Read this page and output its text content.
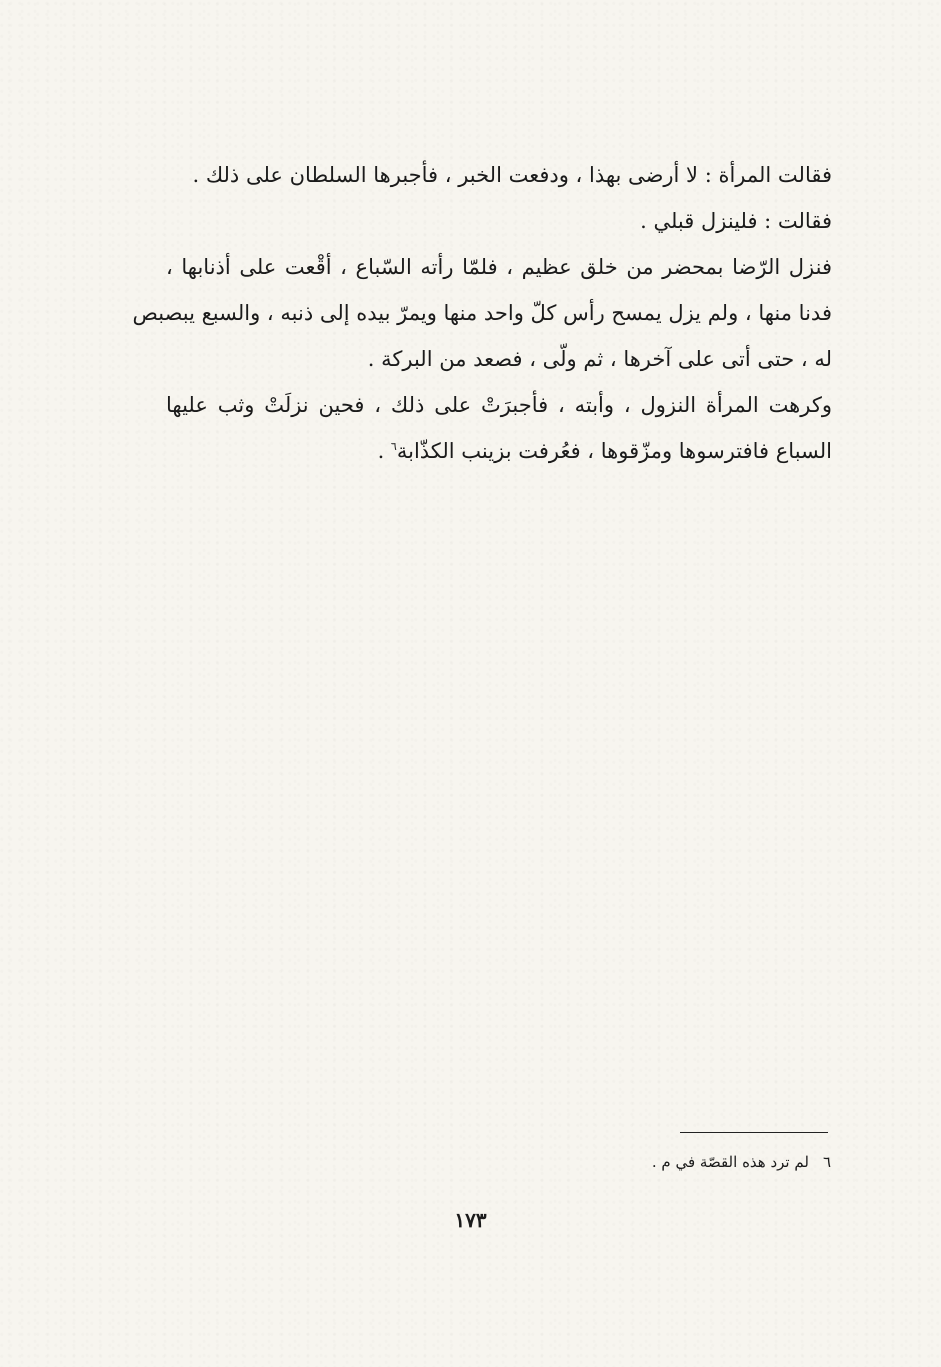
فقالت المرأة : لا أرضى بهذا ، ودفعت الخبر ، فأجبرها السلطان على ذلك .
فقالت : فلينزل قبلي .
فنزل الرّضا بمحضر من خلق عظيم ، فلمّا رأته السّباع ، أقْعت على أذنابها ،
فدنا منها ، ولم يزل يمسح رأس كلّ واحد منها ويمرّ بيده إلى ذنبه ، والسبع يبصبص
له ، حتى أتى على آخرها ، ثم ولّى ، فصعد من البركة .
وكرهت المرأة النزول ، وأبته ، فأجبرَتْ على ذلك ، فحين نزلَتْ وثب عليها
السباع فافترسوها ومزّقوها ، فعُرفت بزينب الكذّابة$^٦$ .
٦لم ترد هذه القصّة في م .
١٧٣
